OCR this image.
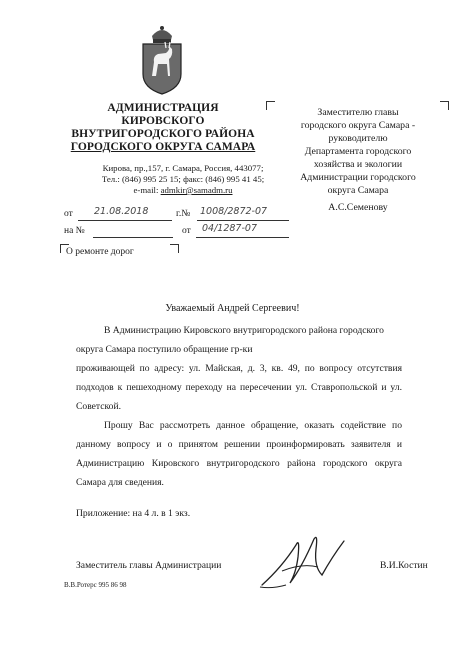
АДМИНИСТРАЦИЯ
КИРОВСКОГО
ВНУТРИГОРОДСКОГО РАЙОНА
ГОРОДСКОГО ОКРУГА САМАРА
Кирова, пр.,157, г. Самара, Россия, 443077;
Тел.: (846) 995 25 15; факс: (846) 995 41 45;
e-mail: admkir@samadm.ru
от 21.08.2018	г.№ 1008/2872-07
на №	от 04/1287-07
О ремонте дорог
Заместителю главы
городского округа Самара -
руководителю
Департамента городского
хозяйства и экологии
Администрации городского
округа Самара
А.С.Семенову
Уважаемый Андрей Сергеевич!
В Администрацию Кировского внутригородского района городского
округа Самара поступило обращение гр-ки
проживающей по адресу: ул. Майская, д. 3, кв. 49, по вопросу отсутствия подходов к пешеходному переходу на пересечении ул. Ставропольской и ул. Советской.
Прошу Вас рассмотреть данное обращение, оказать содействие по данному вопросу и о принятом решении проинформировать заявителя и Администрацию Кировского внутригородского района городского округа Самара для сведения.
Приложение: на 4 л. в 1 экз.
Заместитель главы Администрации	В.И.Костин
В.В.Ротерс 995 86 98
